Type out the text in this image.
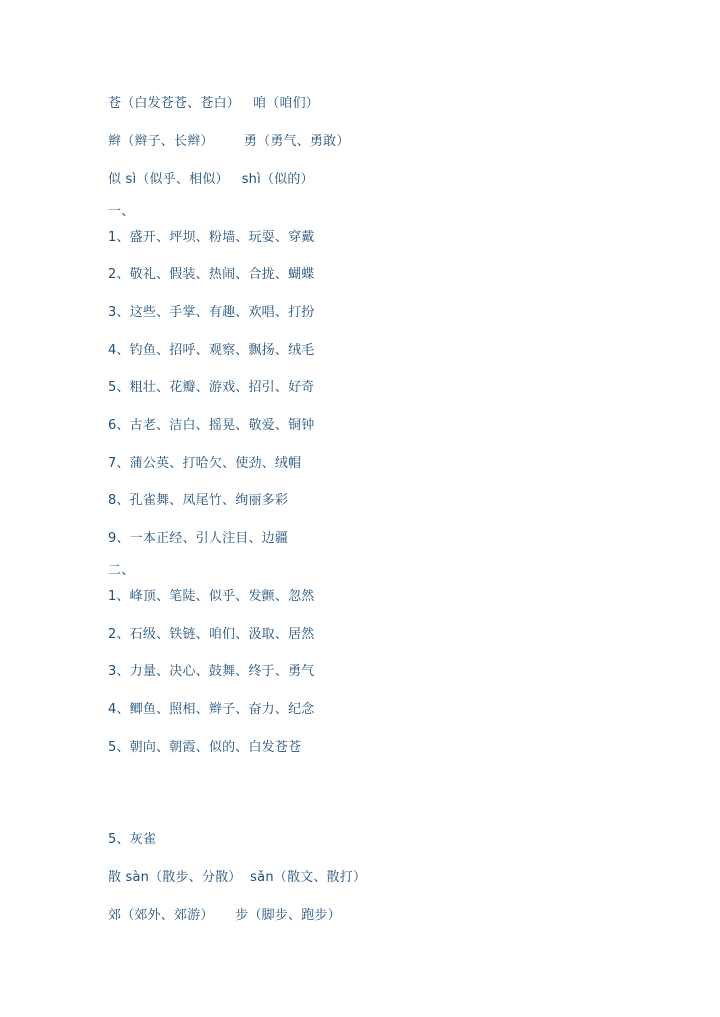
苍（白发苍苍、苍白）   咱（咱们）
辫（辫子、长辫）       勇（勇气、勇敢）
似 sì（似乎、相似）   shì（似的）
一、
1、盛开、坪坝、粉墙、玩耍、穿戴
2、敬礼、假装、热闹、合拢、蝴蝶
3、这些、手掌、有趣、欢唱、打扮
4、钓鱼、招呼、观察、飘扬、绒毛
5、粗壮、花瓣、游戏、招引、好奇
6、古老、洁白、摇晃、敬爱、铜钟
7、蒲公英、打哈欠、使劲、绒帽
8、孔雀舞、凤尾竹、绚丽多彩
9、一本正经、引人注目、边疆
二、
1、峰顶、笔陡、似乎、发颤、忽然
2、石级、铁链、咱们、汲取、居然
3、力量、决心、鼓舞、终于、勇气
4、鲫鱼、照相、辫子、奋力、纪念
5、朝向、朝霞、似的、白发苍苍
5、灰雀
散 sàn（散步、分散）  sǎn（散文、散打）
郊（郊外、郊游）     步（脚步、跑步）
